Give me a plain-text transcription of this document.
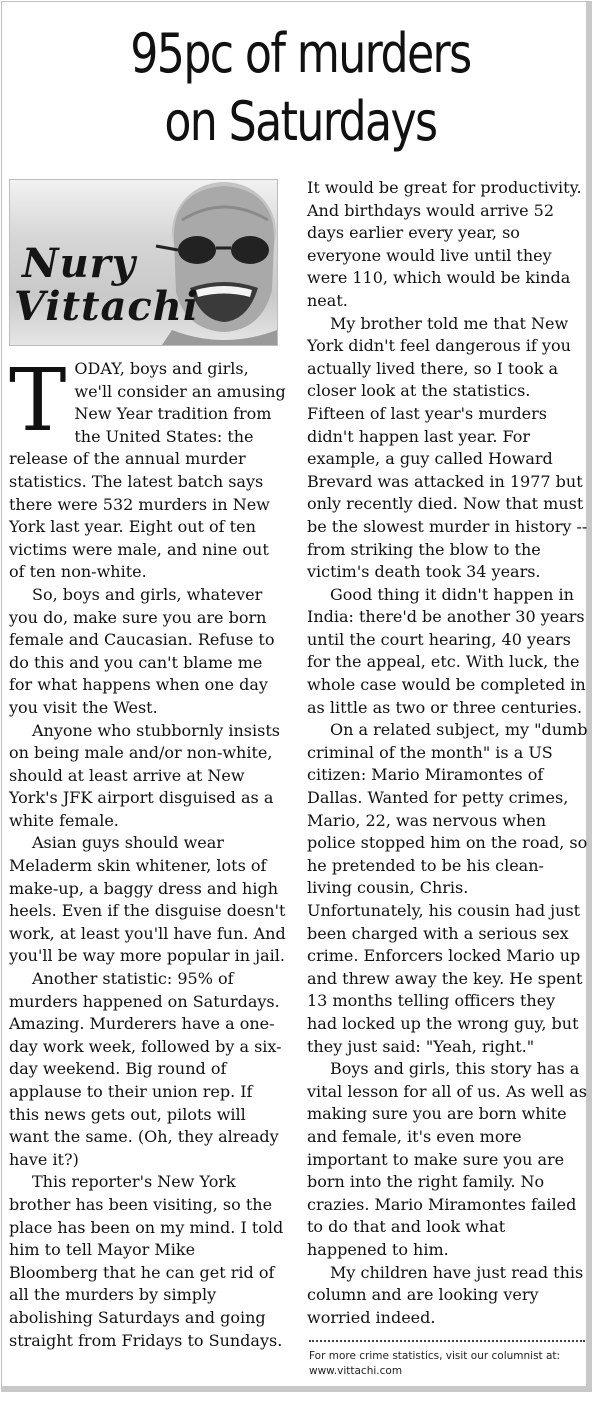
95pc of murders
on Saturdays
Nury
Vittachi

TODAY, boys and girls, we'll consider an amusing New Year tradition from the United States: the release of the annual murder statistics. The latest batch says there were 532 murders in New York last year. Eight out of ten victims were male, and nine out of ten non-white.

So, boys and girls, whatever you do, make sure you are born female and Caucasian. Refuse to do this and you can't blame me for what happens when one day you visit the West.

Anyone who stubbornly insists on being male and/or non-white, should at least arrive at New York's JFK airport disguised as a white female.

Asian guys should wear Meladerm skin whitener, lots of make-up, a baggy dress and high heels. Even if the disguise doesn't work, at least you'll have fun. And you'll be way more popular in jail.

Another statistic: 95% of murders happened on Saturdays. Amazing. Murderers have a one-day work week, followed by a six-day weekend. Big round of applause to their union rep. If this news gets out, pilots will want the same. (Oh, they already have it?)

This reporter's New York brother has been visiting, so the place has been on my mind. I told him to tell Mayor Mike Bloomberg that he can get rid of all the murders by simply abolishing Saturdays and going straight from Fridays to Sundays.

It would be great for productivity. And birthdays would arrive 52 days earlier every year, so everyone would live until they were 110, which would be kinda neat.

My brother told me that New York didn't feel dangerous if you actually lived there, so I took a closer look at the statistics. Fifteen of last year's murders didn't happen last year. For example, a guy called Howard Brevard was attacked in 1977 but only recently died. Now that must be the slowest murder in history -- from striking the blow to the victim's death took 34 years.

Good thing it didn't happen in India: there'd be another 30 years until the court hearing, 40 years for the appeal, etc. With luck, the whole case would be completed in as little as two or three centuries.

On a related subject, my "dumb criminal of the month" is a US citizen: Mario Miramontes of Dallas. Wanted for petty crimes, Mario, 22, was nervous when police stopped him on the road, so he pretended to be his clean-living cousin, Chris. Unfortunately, his cousin had just been charged with a serious sex crime. Enforcers locked Mario up and threw away the key. He spent 13 months telling officers they had locked up the wrong guy, but they just said: "Yeah, right."

Boys and girls, this story has a vital lesson for all of us. As well as making sure you are born white and female, it's even more important to make sure you are born into the right family. No crazies. Mario Miramontes failed to do that and look what happened to him.

My children have just read this column and are looking very worried indeed.

For more crime statistics, visit our columnist at: www.vittachi.com
